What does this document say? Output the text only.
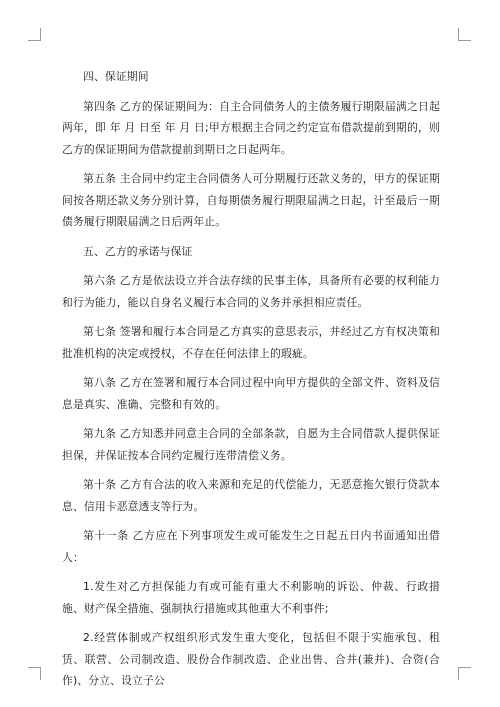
四、保证期间

第四条 乙方的保证期间为：自主合同债务人的主债务履行期限届满之日起两年，即 年 月 日至 年 月 日;甲方根据主合同之约定宣布借款提前到期的，则乙方的保证期间为借款提前到期日之日起两年。

第五条 主合同中约定主合同债务人可分期履行还款义务的，甲方的保证期间按各期还款义务分别计算，自每期债务履行期限届满之日起，计至最后一期债务履行期限届满之日后两年止。

五、乙方的承诺与保证

第六条 乙方是依法设立并合法存续的民事主体，具备所有必要的权利能力和行为能力，能以自身名义履行本合同的义务并承担相应责任。

第七条 签署和履行本合同是乙方真实的意思表示，并经过乙方有权决策和批准机构的决定或授权，不存在任何法律上的瑕疵。

第八条 乙方在签署和履行本合同过程中向甲方提供的全部文件、资料及信息是真实、准确、完整和有效的。

第九条 乙方知悉并同意主合同的全部条款，自愿为主合同借款人提供保证担保，并保证按本合同约定履行连带清偿义务。

第十条 乙方有合法的收入来源和充足的代偿能力，无恶意拖欠银行贷款本息、信用卡恶意透支等行为。

第十一条 乙方应在下列事项发生或可能发生之日起五日内书面通知出借人：

1.发生对乙方担保能力有或可能有重大不利影响的诉讼、仲裁、行政措施、财产保全措施、强制执行措施或其他重大不利事件;

2.经营体制或产权组织形式发生重大变化，包括但不限于实施承包、租赁、联营、公司制改造、股份合作制改造、企业出售、合并(兼并)、合资(合作)、分立、设立子公
